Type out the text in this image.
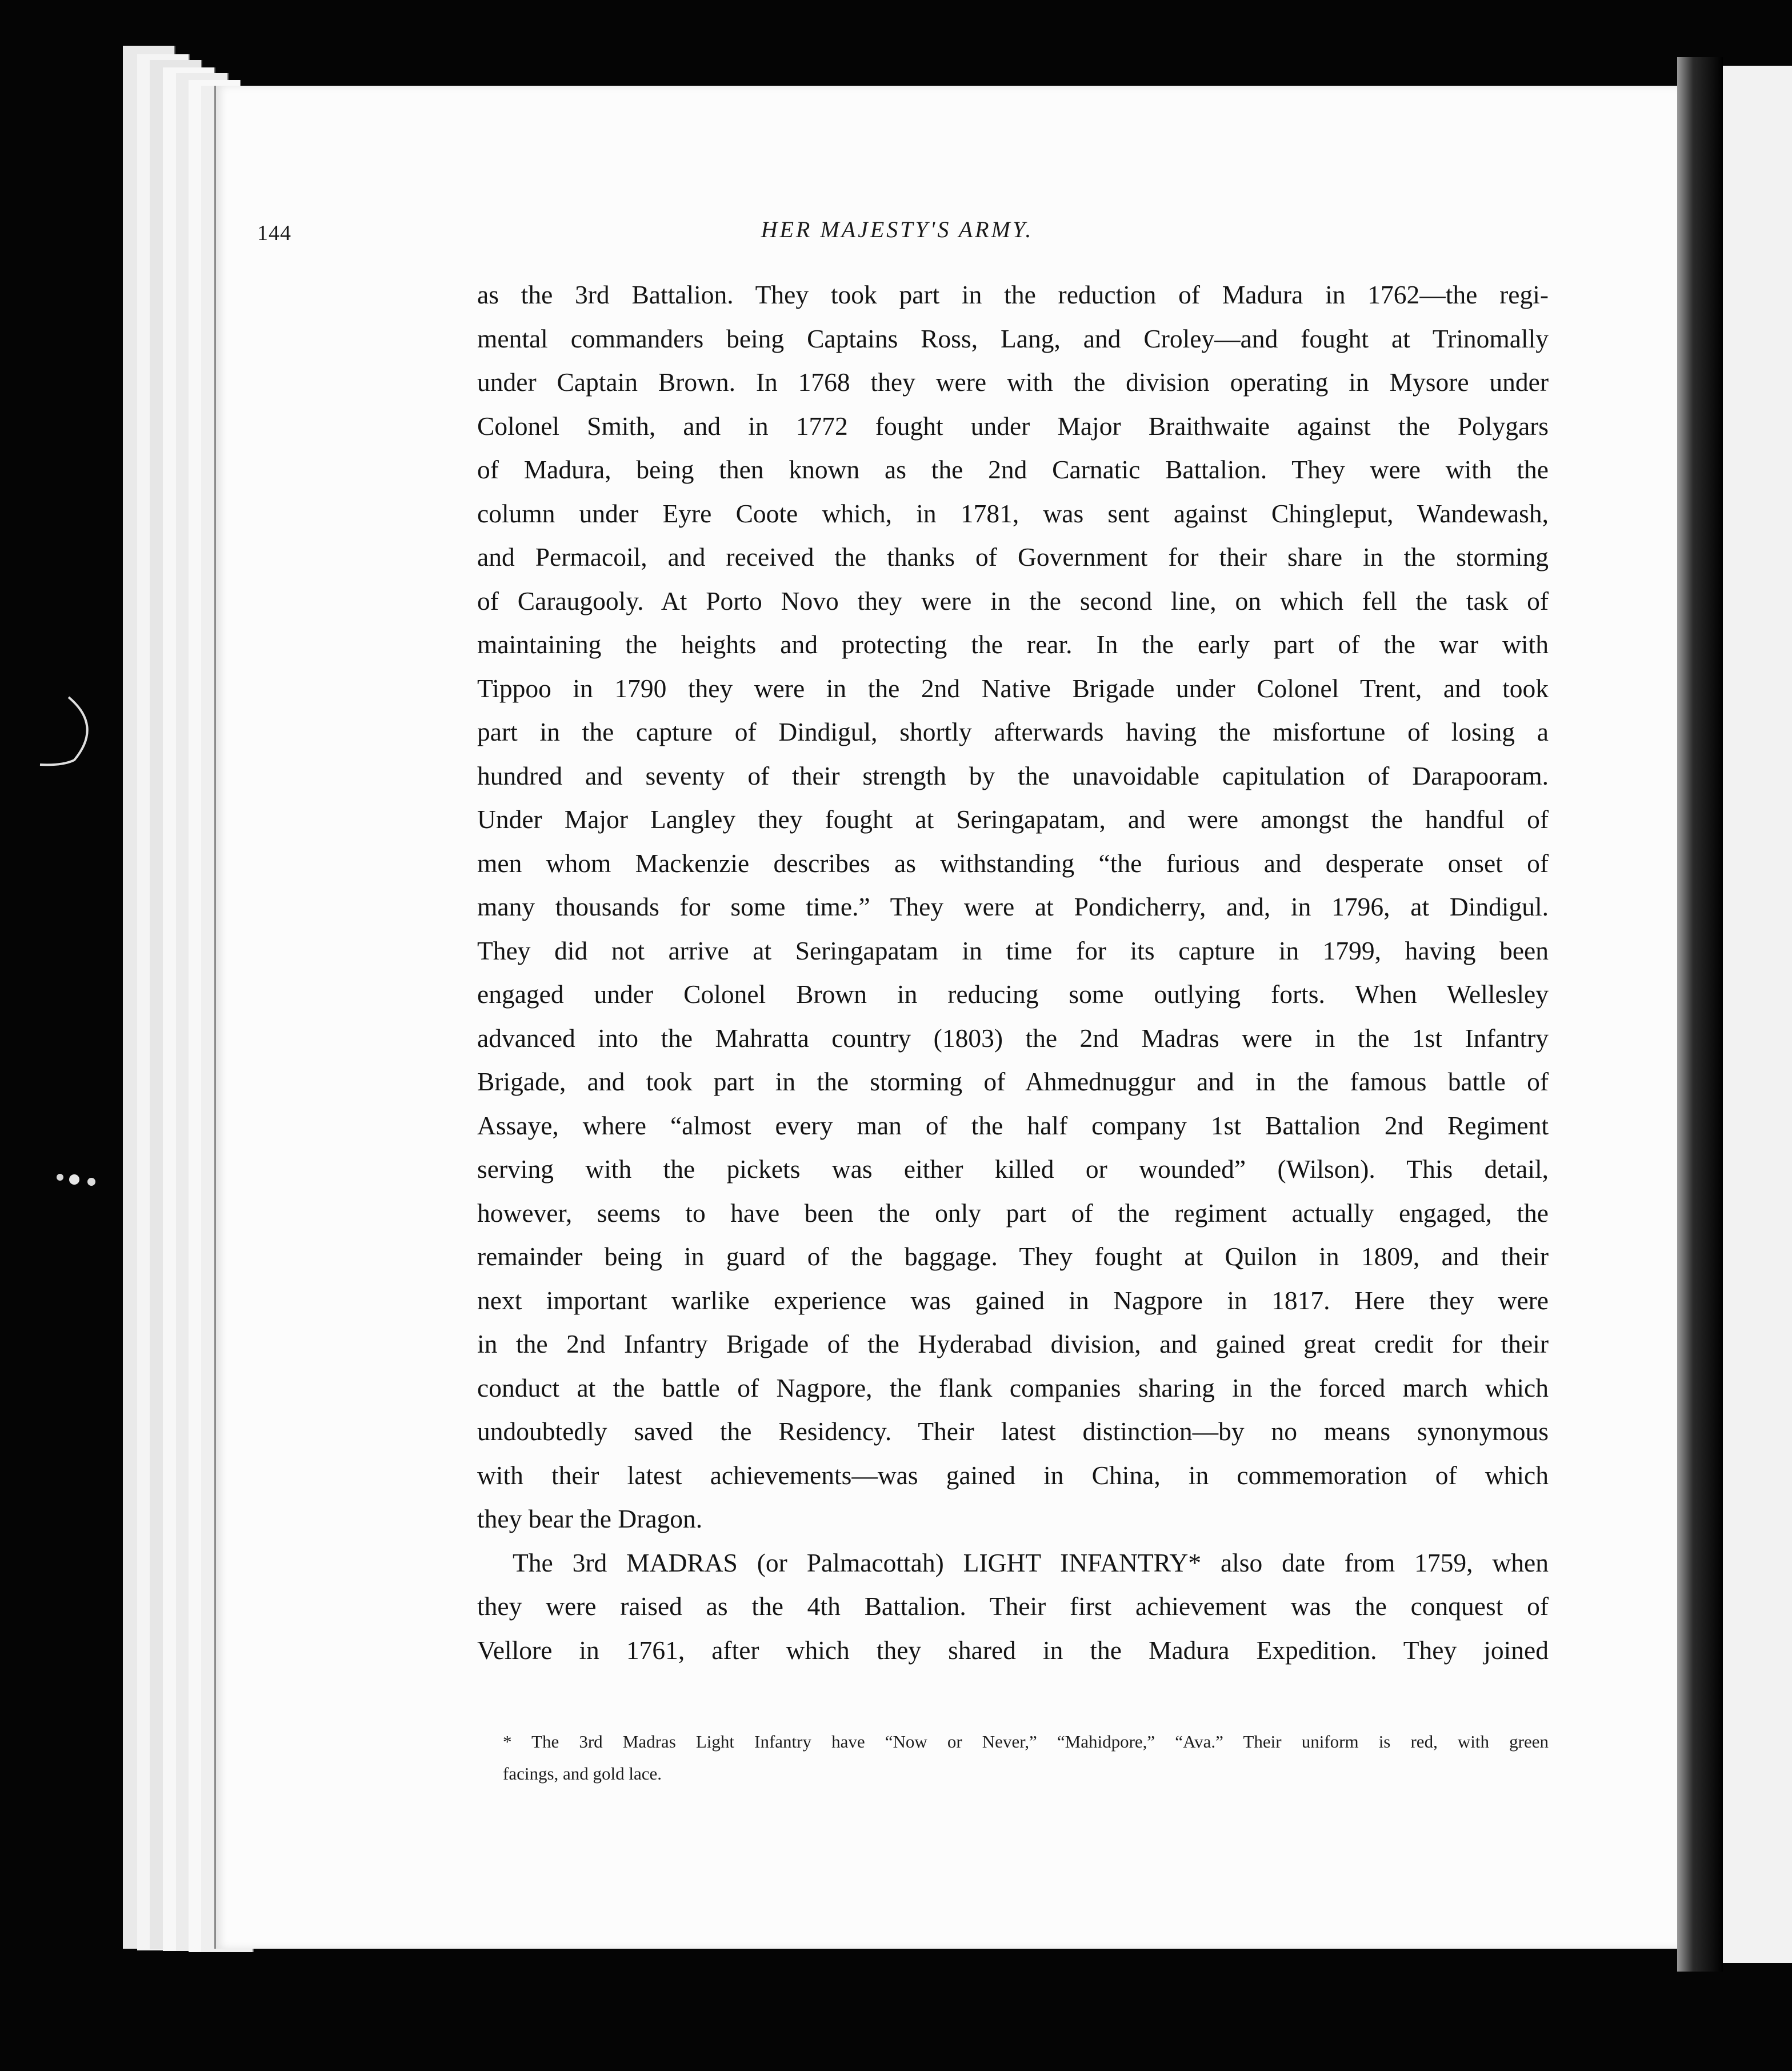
144	HER MAJESTY'S ARMY.
as the 3rd Battalion. They took part in the reduction of Madura in 1762—the regi-
mental commanders being Captains Ross, Lang, and Croley—and fought at Trinomally
under Captain Brown. In 1768 they were with the division operating in Mysore under
Colonel Smith, and in 1772 fought under Major Braithwaite against the Polygars
of Madura, being then known as the 2nd Carnatic Battalion. They were with the
column under Eyre Coote which, in 1781, was sent against Chingleput, Wandewash,
and Permacoil, and received the thanks of Government for their share in the storming
of Caraugooly. At Porto Novo they were in the second line, on which fell the task of
maintaining the heights and protecting the rear. In the early part of the war with
Tippoo in 1790 they were in the 2nd Native Brigade under Colonel Trent, and took
part in the capture of Dindigul, shortly afterwards having the misfortune of losing a
hundred and seventy of their strength by the unavoidable capitulation of Darapooram.
Under Major Langley they fought at Seringapatam, and were amongst the handful of
men whom Mackenzie describes as withstanding “the furious and desperate onset of
many thousands for some time.” They were at Pondicherry, and, in 1796, at Dindigul.
They did not arrive at Seringapatam in time for its capture in 1799, having been
engaged under Colonel Brown in reducing some outlying forts. When Wellesley
advanced into the Mahratta country (1803) the 2nd Madras were in the 1st Infantry
Brigade, and took part in the storming of Ahmednuggur and in the famous battle of
Assaye, where “almost every man of the half company 1st Battalion 2nd Regiment
serving with the pickets was either killed or wounded” (Wilson). This detail,
however, seems to have been the only part of the regiment actually engaged, the
remainder being in guard of the baggage. They fought at Quilon in 1809, and their
next important warlike experience was gained in Nagpore in 1817. Here they were
in the 2nd Infantry Brigade of the Hyderabad division, and gained great credit for their
conduct at the battle of Nagpore, the flank companies sharing in the forced march which
undoubtedly saved the Residency. Their latest distinction—by no means synonymous
with their latest achievements—was gained in China, in commemoration of which
they bear the Dragon.
The 3rd MADRAS (or Palmacottah) LIGHT INFANTRY* also date from 1759, when
they were raised as the 4th Battalion. Their first achievement was the conquest of
Vellore in 1761, after which they shared in the Madura Expedition. They joined
* The 3rd Madras Light Infantry have “Now or Never,” “Mahidpore,” “Ava.” Their uniform is red, with green
facings, and gold lace.
